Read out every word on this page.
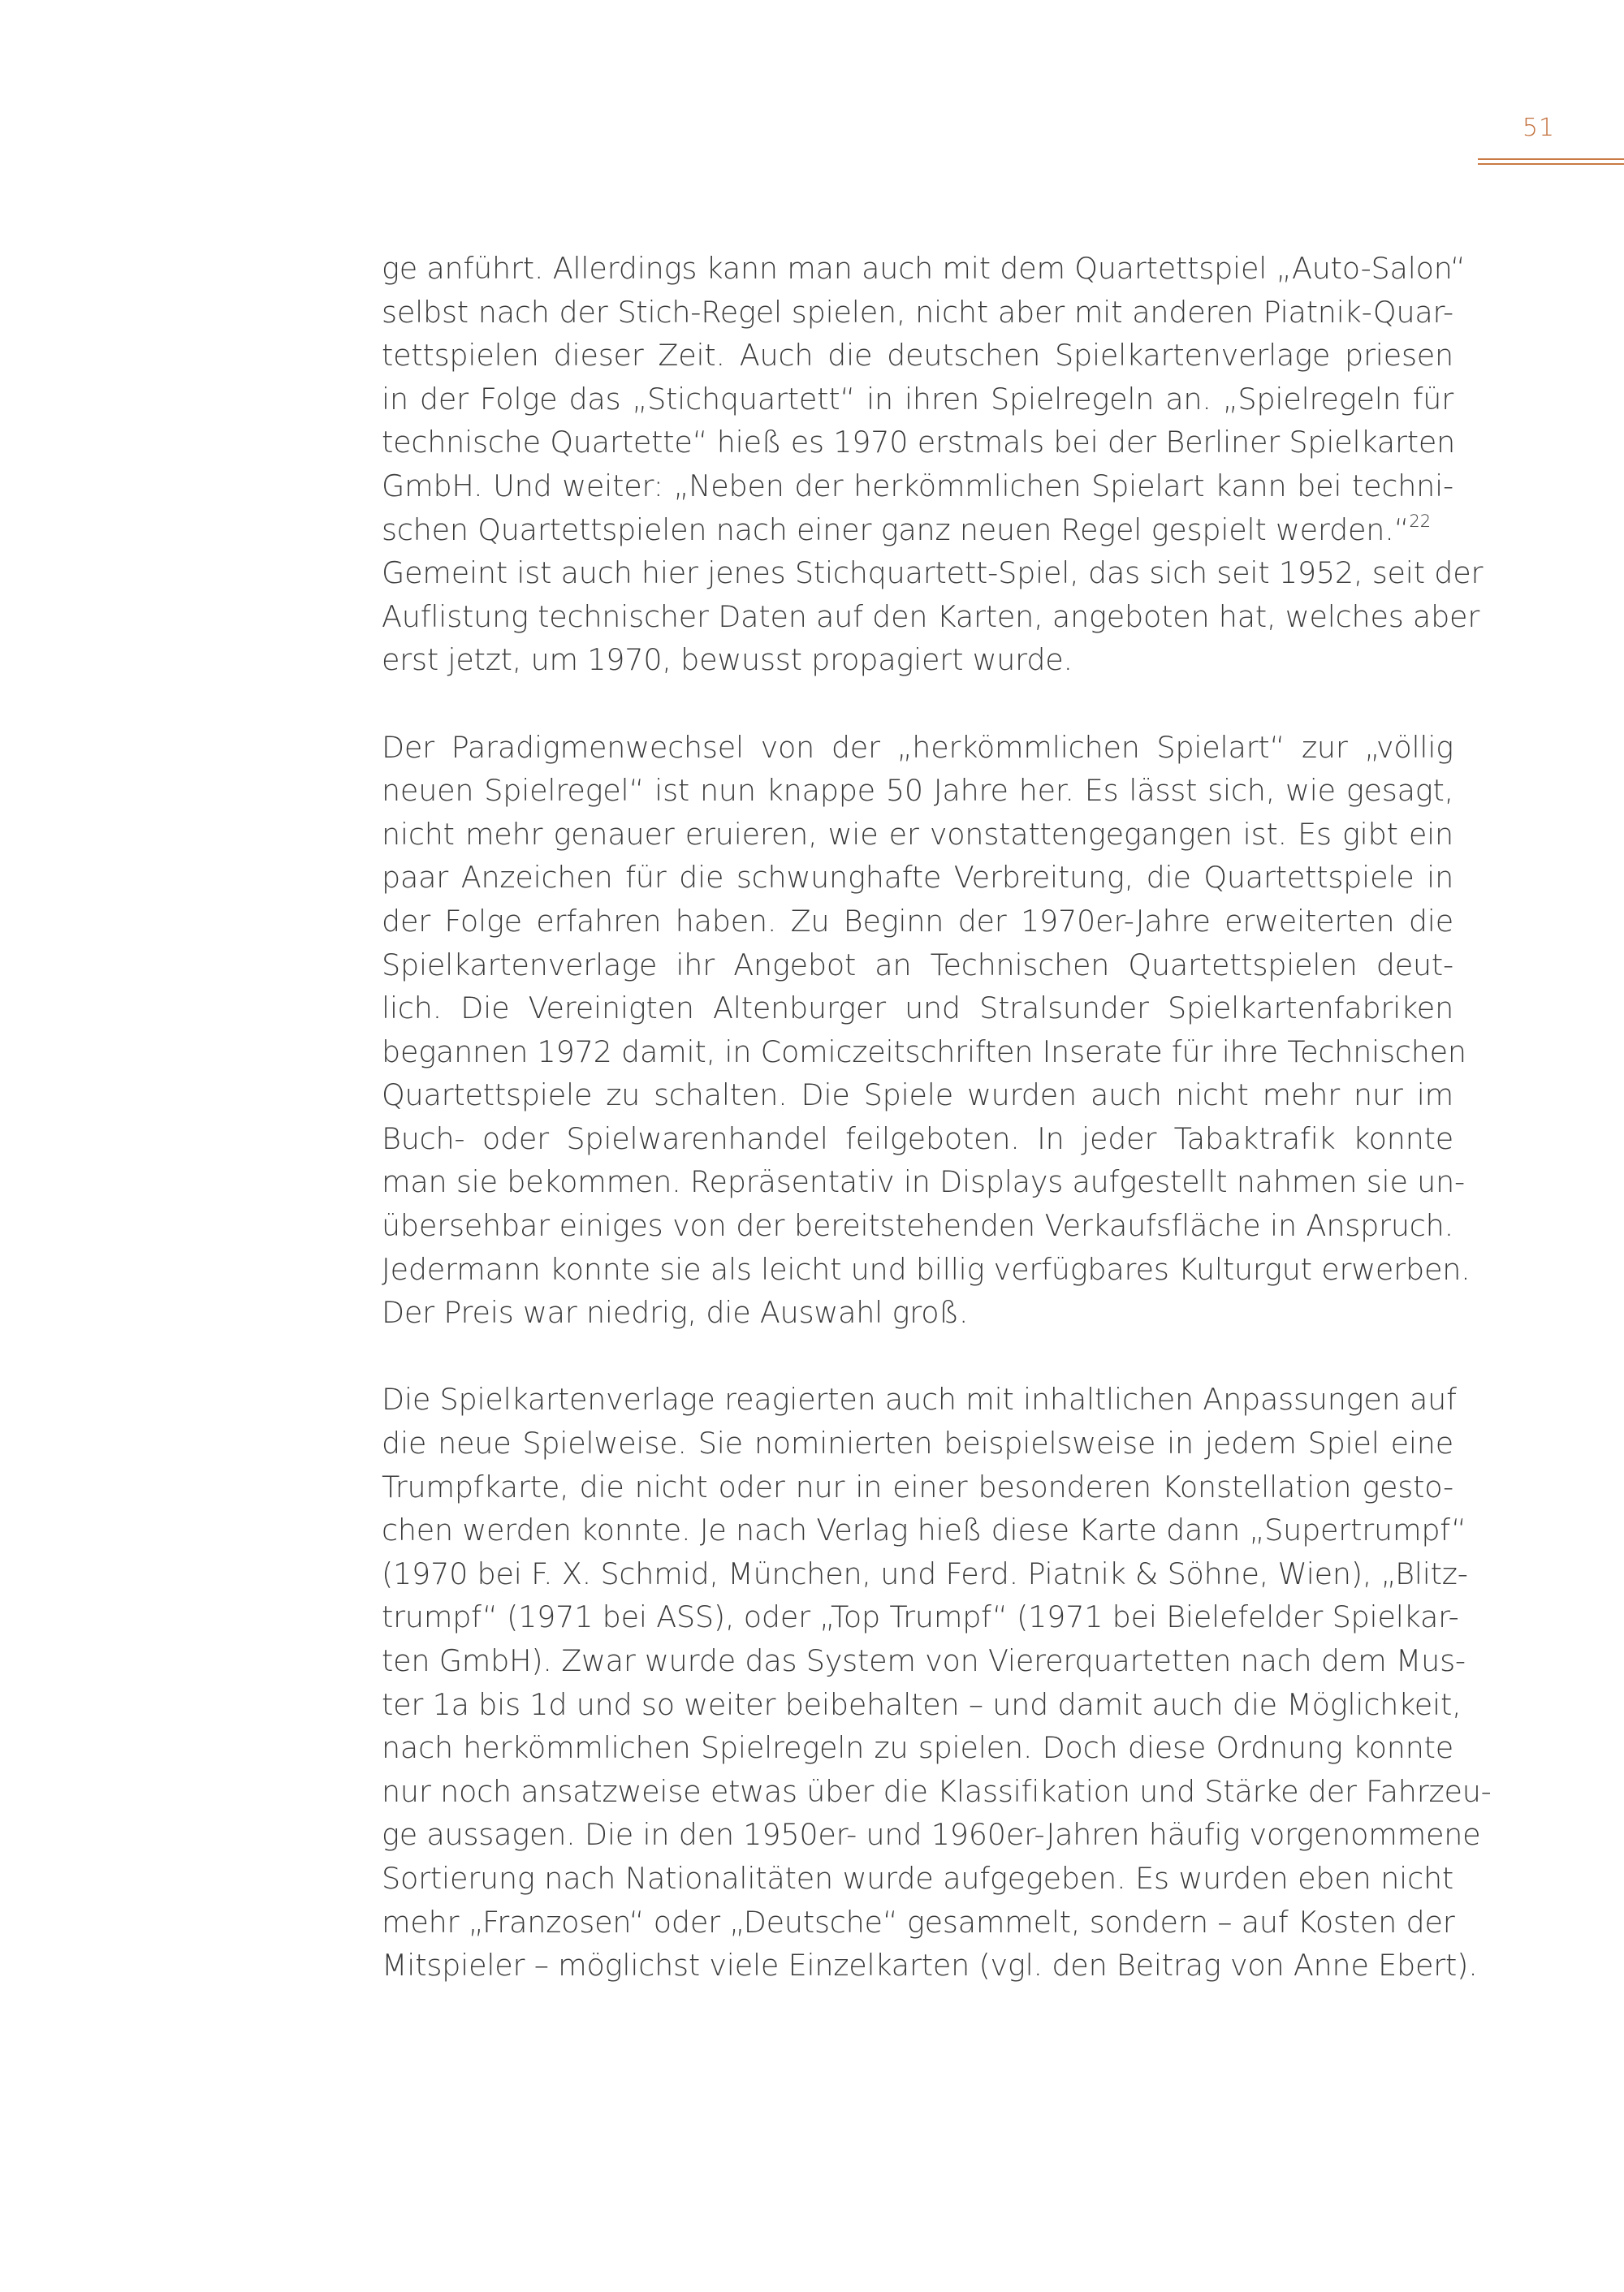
51
ge anführt. Allerdings kann man auch mit dem Quartettspiel „Auto-Salon“
selbst nach der Stich-Regel spielen, nicht aber mit anderen Piatnik-Quar-
tettspielen dieser Zeit. Auch die deutschen Spielkartenverlage priesen
in der Folge das „Stichquartett“ in ihren Spielregeln an. „Spielregeln für
technische Quartette“ hieß es 1970 erstmals bei der Berliner Spielkarten
GmbH. Und weiter: „Neben der herkömmlichen Spielart kann bei techni-
schen Quartettspielen nach einer ganz neuen Regel gespielt werden.“$^{22}$
Gemeint ist auch hier jenes Stichquartett-Spiel, das sich seit 1952, seit der
Auflistung technischer Daten auf den Karten, angeboten hat, welches aber
erst jetzt, um 1970, bewusst propagiert wurde.
Der Paradigmenwechsel von der „herkömmlichen Spielart“ zur „völlig
neuen Spielregel“ ist nun knappe 50 Jahre her. Es lässt sich, wie gesagt,
nicht mehr genauer eruieren, wie er vonstattengegangen ist. Es gibt ein
paar Anzeichen für die schwunghafte Verbreitung, die Quartettspiele in
der Folge erfahren haben. Zu Beginn der 1970er-Jahre erweiterten die
Spielkartenverlage ihr Angebot an Technischen Quartettspielen deut-
lich. Die Vereinigten Altenburger und Stralsunder Spielkartenfabriken
begannen 1972 damit, in Comiczeitschriften Inserate für ihre Technischen
Quartettspiele zu schalten. Die Spiele wurden auch nicht mehr nur im
Buch- oder Spielwarenhandel feilgeboten. In jeder Tabaktrafik konnte
man sie bekommen. Repräsentativ in Displays aufgestellt nahmen sie un-
übersehbar einiges von der bereitstehenden Verkaufsfläche in Anspruch.
Jedermann konnte sie als leicht und billig verfügbares Kulturgut erwerben.
Der Preis war niedrig, die Auswahl groß.
Die Spielkartenverlage reagierten auch mit inhaltlichen Anpassungen auf
die neue Spielweise. Sie nominierten beispielsweise in jedem Spiel eine
Trumpfkarte, die nicht oder nur in einer besonderen Konstellation gesto-
chen werden konnte. Je nach Verlag hieß diese Karte dann „Supertrumpf“
(1970 bei F. X. Schmid, München, und Ferd. Piatnik & Söhne, Wien), „Blitz-
trumpf“ (1971 bei ASS), oder „Top Trumpf“ (1971 bei Bielefelder Spielkar-
ten GmbH). Zwar wurde das System von Viererquartetten nach dem Mus-
ter 1a bis 1d und so weiter beibehalten – und damit auch die Möglichkeit,
nach herkömmlichen Spielregeln zu spielen. Doch diese Ordnung konnte
nur noch ansatzweise etwas über die Klassifikation und Stärke der Fahrzeu-
ge aussagen. Die in den 1950er- und 1960er-Jahren häufig vorgenommene
Sortierung nach Nationalitäten wurde aufgegeben. Es wurden eben nicht
mehr „Franzosen“ oder „Deutsche“ gesammelt, sondern – auf Kosten der
Mitspieler – möglichst viele Einzelkarten (vgl. den Beitrag von Anne Ebert).
